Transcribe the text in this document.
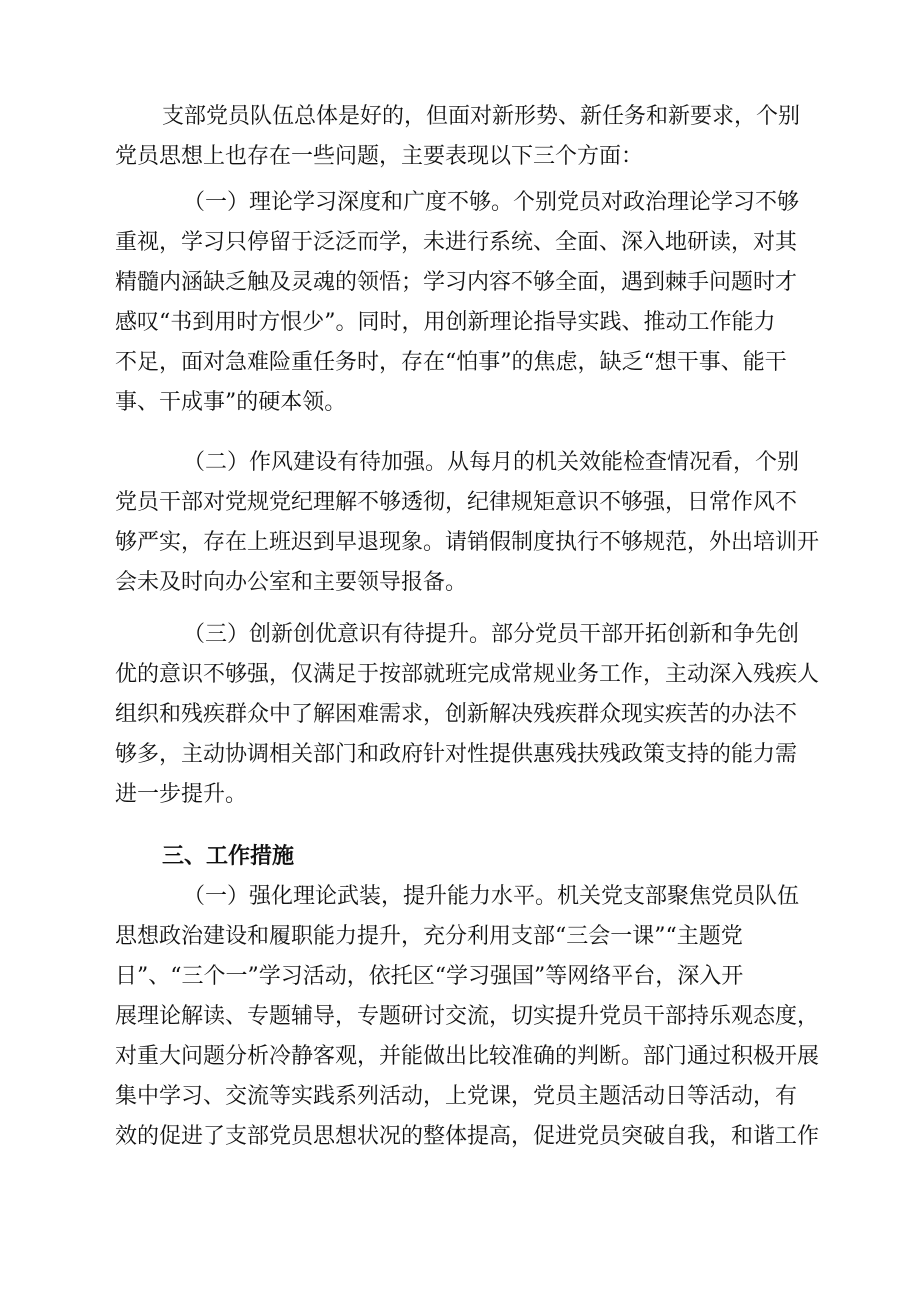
支部党员队伍总体是好的，但面对新形势、新任务和新要求，个别
党员思想上也存在一些问题，主要表现以下三个方面：
（一）理论学习深度和广度不够。个别党员对政治理论学习不够
重视，学习只停留于泛泛而学，未进行系统、全面、深入地研读，对其
精髓内涵缺乏触及灵魂的领悟；学习内容不够全面，遇到棘手问题时才
感叹“书到用时方恨少”。同时，用创新理论指导实践、推动工作能力
不足，面对急难险重任务时，存在“怕事”的焦虑，缺乏“想干事、能干
事、干成事”的硬本领。
（二）作风建设有待加强。从每月的机关效能检查情况看，个别
党员干部对党规党纪理解不够透彻，纪律规矩意识不够强，日常作风不
够严实，存在上班迟到早退现象。请销假制度执行不够规范，外出培训开
会未及时向办公室和主要领导报备。
（三）创新创优意识有待提升。部分党员干部开拓创新和争先创
优的意识不够强，仅满足于按部就班完成常规业务工作，主动深入残疾人
组织和残疾群众中了解困难需求，创新解决残疾群众现实疾苦的办法不
够多，主动协调相关部门和政府针对性提供惠残扶残政策支持的能力需
进一步提升。
三、工作措施
（一）强化理论武装，提升能力水平。机关党支部聚焦党员队伍
思想政治建设和履职能力提升，充分利用支部“三会一课”“主题党
日”、“三个一”学习活动，依托区“学习强国”等网络平台，深入开
展理论解读、专题辅导，专题研讨交流，切实提升党员干部持乐观态度，
对重大问题分析冷静客观，并能做出比较准确的判断。部门通过积极开展
集中学习、交流等实践系列活动，上党课，党员主题活动日等活动，有
效的促进了支部党员思想状况的整体提高，促进党员突破自我，和谐工作
